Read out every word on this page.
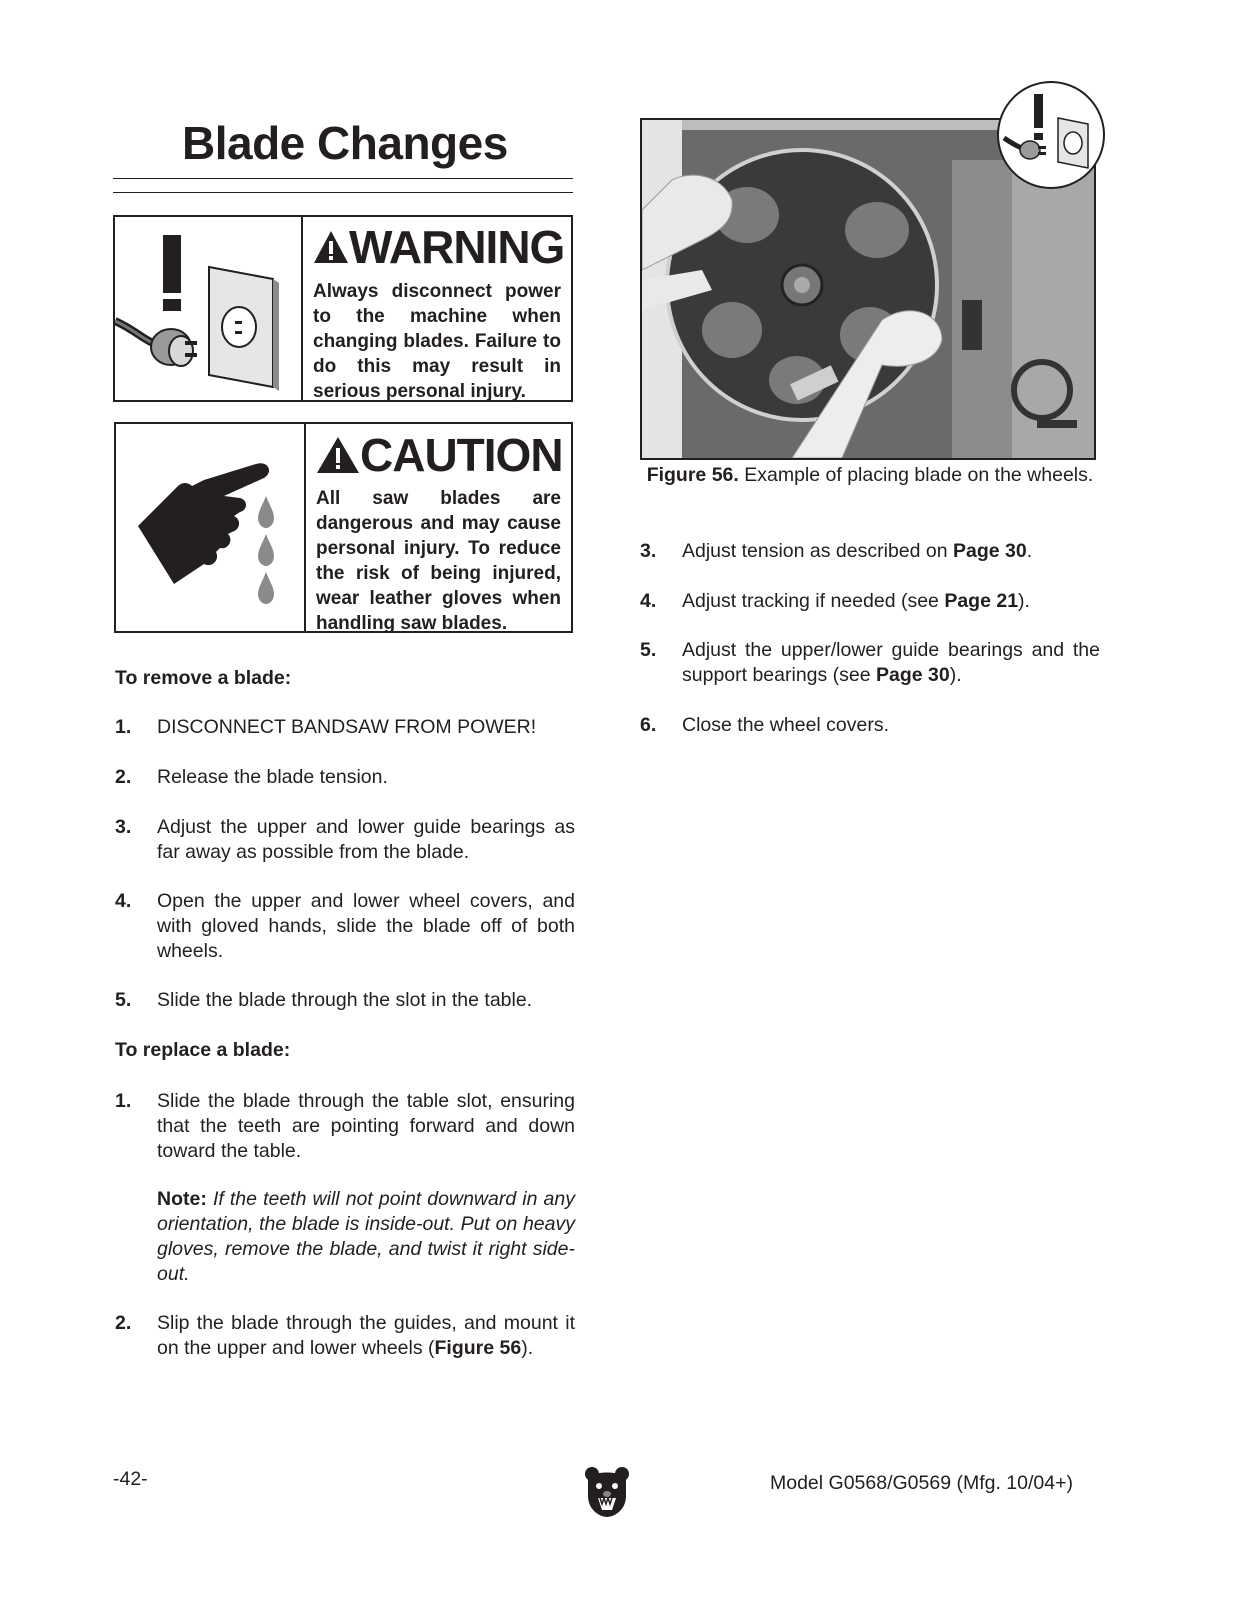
Blade Changes
WARNING
Always disconnect power to the machine when changing blades. Failure to do this may result in serious personal injury.
CAUTION
All saw blades are dangerous and may cause personal injury. To reduce the risk of being injured, wear leather gloves when handling saw blades.
To remove a blade:
1. DISCONNECT BANDSAW FROM POWER!
2. Release the blade tension.
3. Adjust the upper and lower guide bearings as far away as possible from the blade.
4. Open the upper and lower wheel covers, and with gloved hands, slide the blade off of both wheels.
5. Slide the blade through the slot in the table.
To replace a blade:
1. Slide the blade through the table slot, ensuring that the teeth are pointing forward and down toward the table.
Note: If the teeth will not point downward in any orientation, the blade is inside-out. Put on heavy gloves, remove the blade, and twist it right side-out.
2. Slip the blade through the guides, and mount it on the upper and lower wheels (Figure 56).
Figure 56. Example of placing blade on the wheels.
3. Adjust tension as described on Page 30.
4. Adjust tracking if needed (see Page 21).
5. Adjust the upper/lower guide bearings and the support bearings (see Page 30).
6. Close the wheel covers.
-42-	Model G0568/G0569 (Mfg. 10/04+)
